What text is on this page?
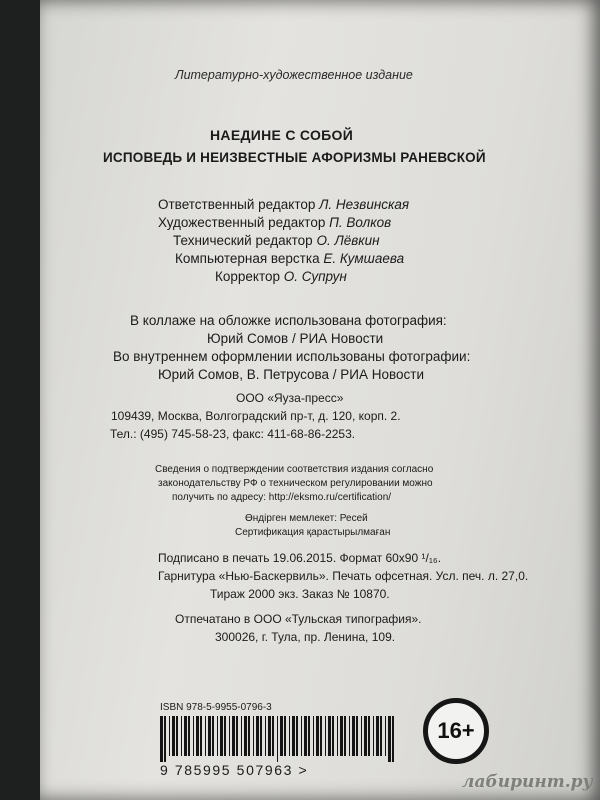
Литературно-художественное издание
НАЕДИНЕ С СОБОЙ
ИСПОВЕДЬ И НЕИЗВЕСТНЫЕ АФОРИЗМЫ РАНЕВСКОЙ
Ответственный редактор Л. Незвинская
Художественный редактор П. Волков
Технический редактор О. Лёвкин
Компьютерная верстка Е. Кумшаева
Корректор О. Супрун
В коллаже на обложке использована фотография:
Юрий Сомов / РИА Новости
Во внутреннем оформлении использованы фотографии:
Юрий Сомов, В. Петрусова / РИА Новости
ООО «Яуза-пресс»
109439, Москва, Волгоградский пр-т, д. 120, корп. 2.
Тел.: (495) 745-58-23, факс: 411-68-86-2253.
Сведения о подтверждении соответствия издания согласно
законодательству РФ о техническом регулировании можно
получить по адресу: http://eksmo.ru/certification/
Өндірген мемлекет: Ресей
Сертификация қарастырылмаған
Подписано в печать 19.06.2015. Формат 60х90 ¹/₁₆.
Гарнитура «Нью-Баскервиль». Печать офсетная. Усл. печ. л. 27,0.
Тираж 2000 экз. Заказ № 10870.
Отпечатано в ООО «Тульская типография».
300026, г. Тула, пр. Ленина, 109.
ISBN 978-5-9955-0796-3
9 785995 507963 >
16+
лабиринт.ру
